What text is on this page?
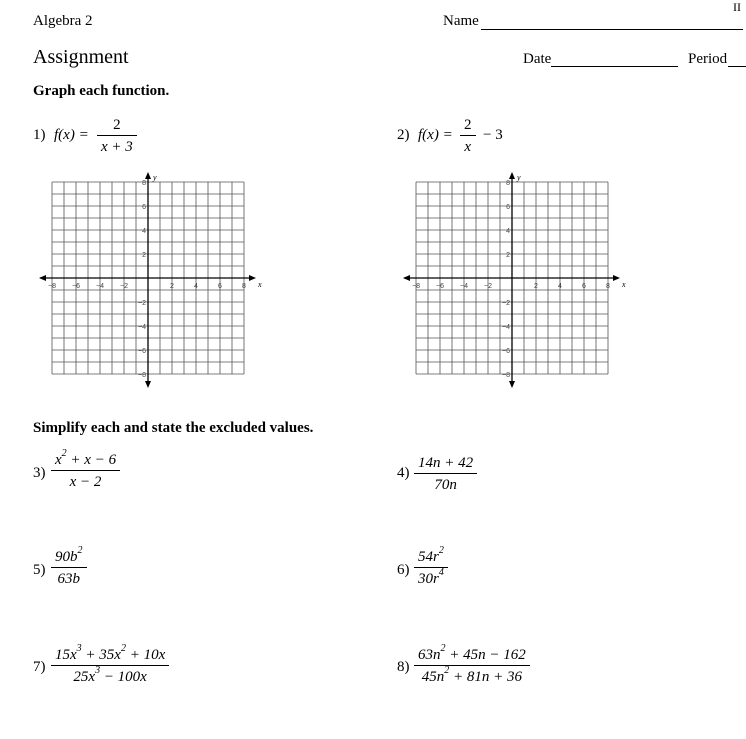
Algebra 2
II
Name
Assignment	Date	Period
Graph each function.
1) f(x) =
2
x + 3
2) f(x) =
2
x
− 3
−8 −6 −4 −2	2	4	6	8
8
6
4
2
−2
−4
−6
−8
x
y
−8 −6 −4 −2	2	4	6	8
8
6
4
2
−2
−4
−6
−8
x
y
Simplify each and state the excluded values.
3)
$x^2 + x - 6$
x − 2
4)
14n + 42
70n
5)
$90b^2$
63b
6)
$54r^2$
$30r^4$
7)
$15x^3 + 35x^2 + 10x$
$25x^3 - 100x$
8)
$63n^2 + 45n - 162$
$45n^2 + 81n + 36$
